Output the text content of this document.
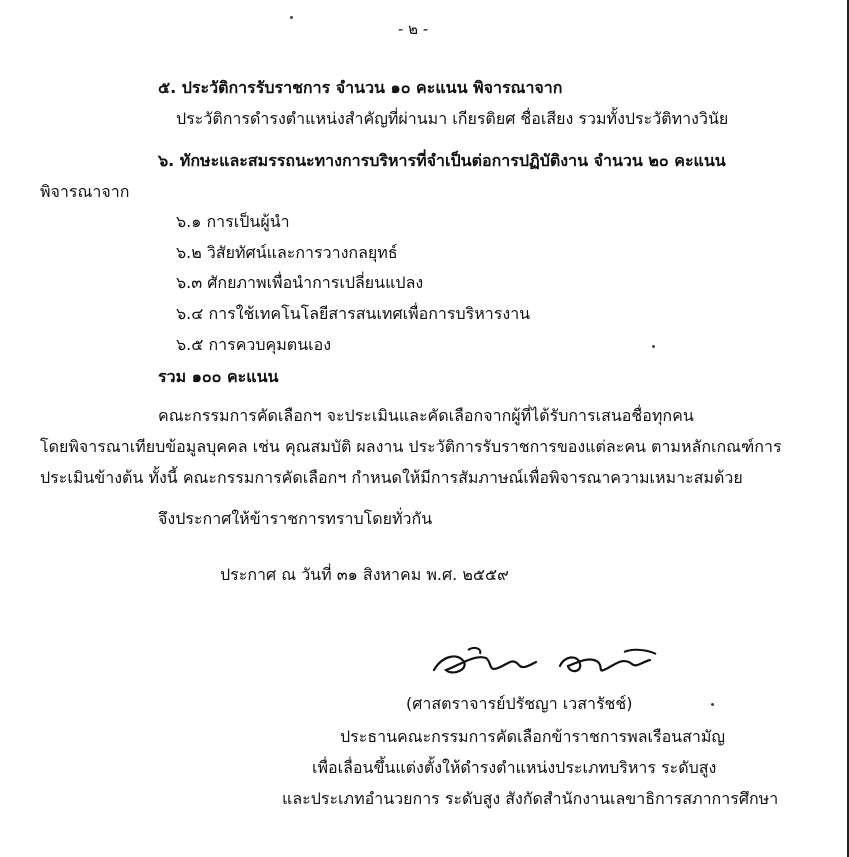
- ๒ -
๕. ประวัติการรับราชการ จำนวน ๑๐ คะแนน พิจารณาจาก
ประวัติการดำรงตำแหน่งสำคัญที่ผ่านมา เกียรติยศ ชื่อเสียง รวมทั้งประวัติทางวินัย
๖. ทักษะและสมรรถนะทางการบริหารที่จำเป็นต่อการปฏิบัติงาน จำนวน ๒๐ คะแนน
พิจารณาจาก
๖.๑ การเป็นผู้นำ
๖.๒ วิสัยทัศน์และการวางกลยุทธ์
๖.๓ ศักยภาพเพื่อนำการเปลี่ยนแปลง
๖.๔ การใช้เทคโนโลยีสารสนเทศเพื่อการบริหารงาน
๖.๕ การควบคุมตนเอง
รวม ๑๐๐ คะแนน
คณะกรรมการคัดเลือกฯ จะประเมินและคัดเลือกจากผู้ที่ได้รับการเสนอชื่อทุกคน
โดยพิจารณาเทียบข้อมูลบุคคล เช่น คุณสมบัติ ผลงาน ประวัติการรับราชการของแต่ละคน ตามหลักเกณฑ์การ
ประเมินข้างต้น ทั้งนี้ คณะกรรมการคัดเลือกฯ กำหนดให้มีการสัมภาษณ์เพื่อพิจารณาความเหมาะสมด้วย
จึงประกาศให้ข้าราชการทราบโดยทั่วกัน
ประกาศ ณ วันที่ ๓๑ สิงหาคม พ.ศ. ๒๕๕๙
(ศาสตราจารย์ปรัชญา เวสารัชช์)
ประธานคณะกรรมการคัดเลือกข้าราชการพลเรือนสามัญ
เพื่อเลื่อนขึ้นแต่งตั้งให้ดำรงตำแหน่งประเภทบริหาร ระดับสูง
และประเภทอำนวยการ ระดับสูง สังกัดสำนักงานเลขาธิการสภาการศึกษา
